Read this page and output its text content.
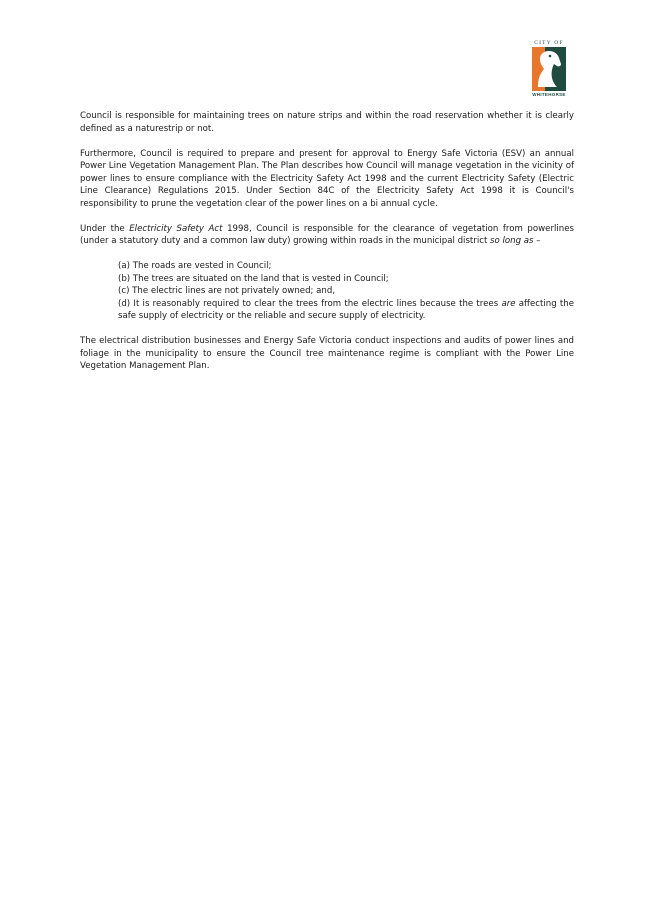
CITY OF
WHITEHORSE

Council is responsible for maintaining trees on nature strips and within the road reservation whether it is clearly defined as a naturestrip or not.

Furthermore, Council is required to prepare and present for approval to Energy Safe Victoria (ESV) an annual Power Line Vegetation Management Plan. The Plan describes how Council will manage vegetation in the vicinity of power lines to ensure compliance with the Electricity Safety Act 1998 and the current Electricity Safety (Electric Line Clearance) Regulations 2015. Under Section 84C of the Electricity Safety Act 1998 it is Council's responsibility to prune the vegetation clear of the power lines on a bi annual cycle.

Under the Electricity Safety Act 1998, Council is responsible for the clearance of vegetation from powerlines (under a statutory duty and a common law duty) growing within roads in the municipal district so long as –

(a) The roads are vested in Council;
(b) The trees are situated on the land that is vested in Council;
(c) The electric lines are not privately owned; and,
(d) It is reasonably required to clear the trees from the electric lines because the trees are affecting the safe supply of electricity or the reliable and secure supply of electricity.

The electrical distribution businesses and Energy Safe Victoria conduct inspections and audits of power lines and foliage in the municipality to ensure the Council tree maintenance regime is compliant with the Power Line Vegetation Management Plan.
